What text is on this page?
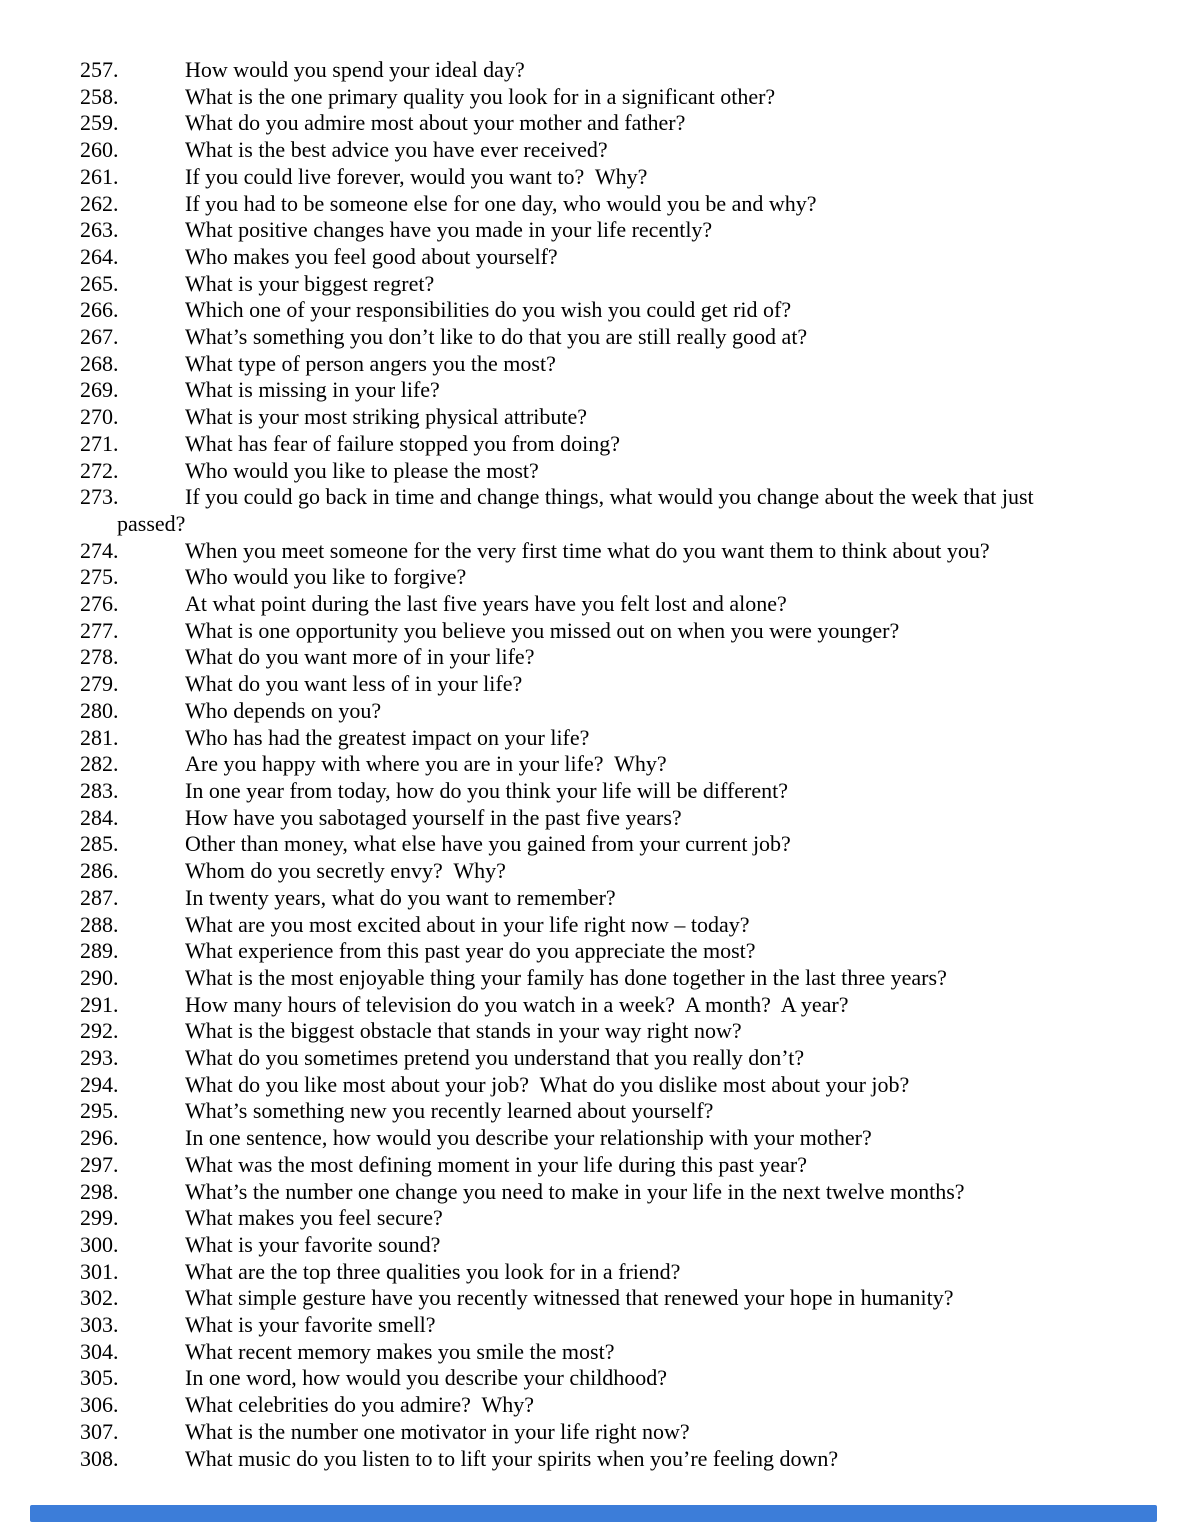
257.	How would you spend your ideal day?
258.	What is the one primary quality you look for in a significant other?
259.	What do you admire most about your mother and father?
260.	What is the best advice you have ever received?
261.	If you could live forever, would you want to?  Why?
262.	If you had to be someone else for one day, who would you be and why?
263.	What positive changes have you made in your life recently?
264.	Who makes you feel good about yourself?
265.	What is your biggest regret?
266.	Which one of your responsibilities do you wish you could get rid of?
267.	What’s something you don’t like to do that you are still really good at?
268.	What type of person angers you the most?
269.	What is missing in your life?
270.	What is your most striking physical attribute?
271.	What has fear of failure stopped you from doing?
272.	Who would you like to please the most?
273.	If you could go back in time and change things, what would you change about the week that just passed?
274.	When you meet someone for the very first time what do you want them to think about you?
275.	Who would you like to forgive?
276.	At what point during the last five years have you felt lost and alone?
277.	What is one opportunity you believe you missed out on when you were younger?
278.	What do you want more of in your life?
279.	What do you want less of in your life?
280.	Who depends on you?
281.	Who has had the greatest impact on your life?
282.	Are you happy with where you are in your life?  Why?
283.	In one year from today, how do you think your life will be different?
284.	How have you sabotaged yourself in the past five years?
285.	Other than money, what else have you gained from your current job?
286.	Whom do you secretly envy?  Why?
287.	In twenty years, what do you want to remember?
288.	What are you most excited about in your life right now – today?
289.	What experience from this past year do you appreciate the most?
290.	What is the most enjoyable thing your family has done together in the last three years?
291.	How many hours of television do you watch in a week?  A month?  A year?
292.	What is the biggest obstacle that stands in your way right now?
293.	What do you sometimes pretend you understand that you really don’t?
294.	What do you like most about your job?  What do you dislike most about your job?
295.	What’s something new you recently learned about yourself?
296.	In one sentence, how would you describe your relationship with your mother?
297.	What was the most defining moment in your life during this past year?
298.	What’s the number one change you need to make in your life in the next twelve months?
299.	What makes you feel secure?
300.	What is your favorite sound?
301.	What are the top three qualities you look for in a friend?
302.	What simple gesture have you recently witnessed that renewed your hope in humanity?
303.	What is your favorite smell?
304.	What recent memory makes you smile the most?
305.	In one word, how would you describe your childhood?
306.	What celebrities do you admire?  Why?
307.	What is the number one motivator in your life right now?
308.	What music do you listen to to lift your spirits when you’re feeling down?
